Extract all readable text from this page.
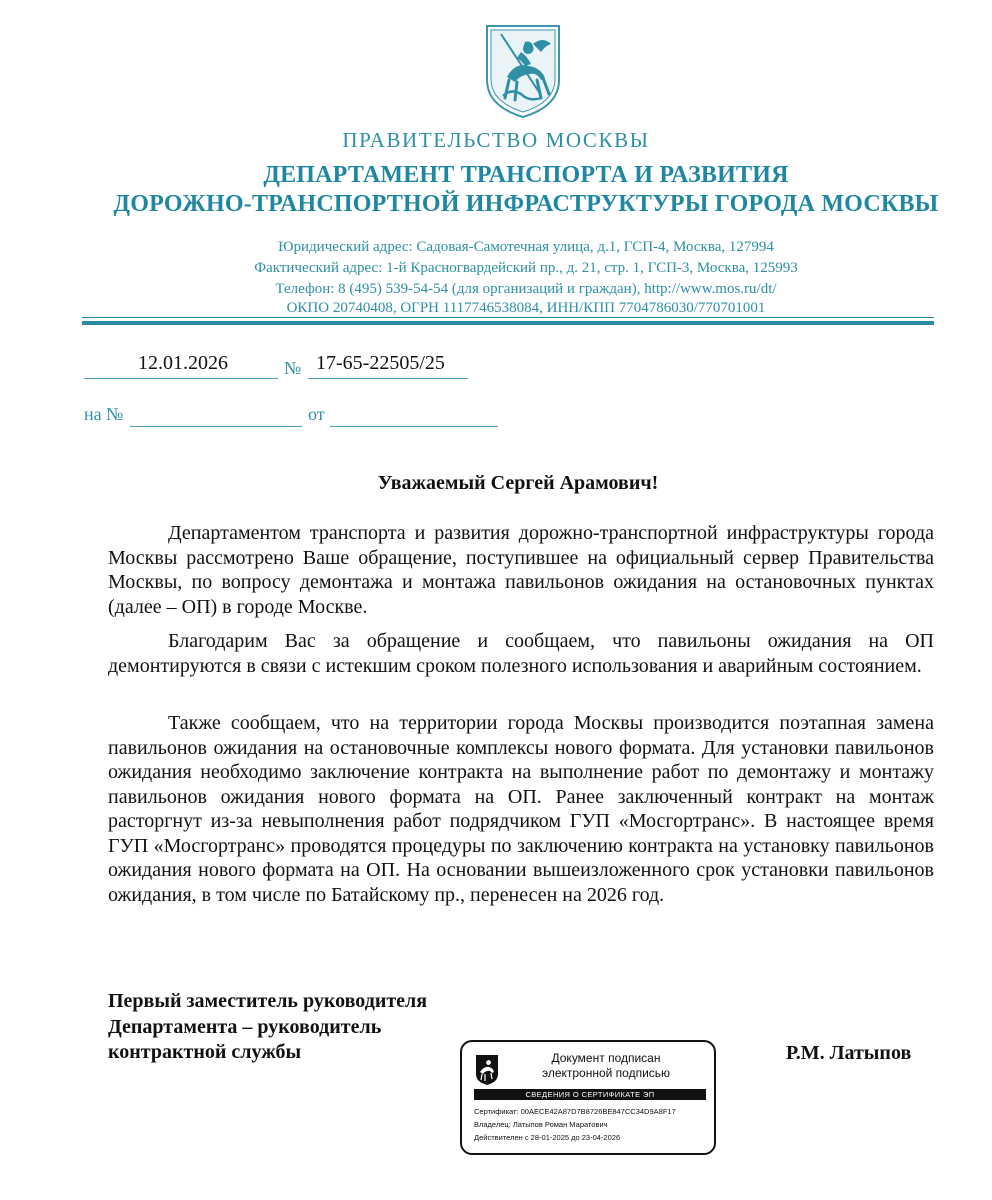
ПРАВИТЕЛЬСТВО МОСКВЫ
ДЕПАРТАМЕНТ ТРАНСПОРТА И РАЗВИТИЯ
ДОРОЖНО-ТРАНСПОРТНОЙ ИНФРАСТРУКТУРЫ ГОРОДА МОСКВЫ
Юридический адрес: Садовая-Самотечная улица, д.1, ГСП-4, Москва, 127994
Фактический адрес: 1-й Красногвардейский пр., д. 21, стр. 1, ГСП-3, Москва, 125993
Телефон: 8 (495) 539-54-54 (для организаций и граждан), http://www.mos.ru/dt/
ОКПО 20740408, ОГРН 1117746538084, ИНН/КПП 7704786030/770701001
12.01.2026	№ 17-65-22505/25
на №	от
Уважаемый Сергей Арамович!

Департаментом транспорта и развития дорожно-транспортной инфраструктуры города Москвы рассмотрено Ваше обращение, поступившее на официальный сервер Правительства Москвы, по вопросу демонтажа и монтажа павильонов ожидания на остановочных пунктах (далее – ОП) в городе Москве.

Благодарим Вас за обращение и сообщаем, что павильоны ожидания на ОП демонтируются в связи с истекшим сроком полезного использования и аварийным состоянием.

Также сообщаем, что на территории города Москвы производится поэтапная замена павильонов ожидания на остановочные комплексы нового формата. Для установки павильонов ожидания необходимо заключение контракта на выполнение работ по демонтажу и монтажу павильонов ожидания нового формата на ОП. Ранее заключенный контракт на монтаж расторгнут из-за невыполнения работ подрядчиком ГУП «Мосгортранс». В настоящее время ГУП «Мосгортранс» проводятся процедуры по заключению контракта на установку павильонов ожидания нового формата на ОП. На основании вышеизложенного срок установки павильонов ожидания, в том числе по Батайскому пр., перенесен на 2026 год.

Первый заместитель руководителя
Департамента – руководитель
контрактной службы	Р.М. Латыпов
Документ подписан
электронной подписью
СВЕДЕНИЯ О СЕРТИФИКАТЕ ЭП
Сертификат: 00AECE42A87D7B8726BE847CC34D9A8F17
Владелец: Латыпов Роман Маратович
Действителен с 28-01-2025 до 23-04-2026
